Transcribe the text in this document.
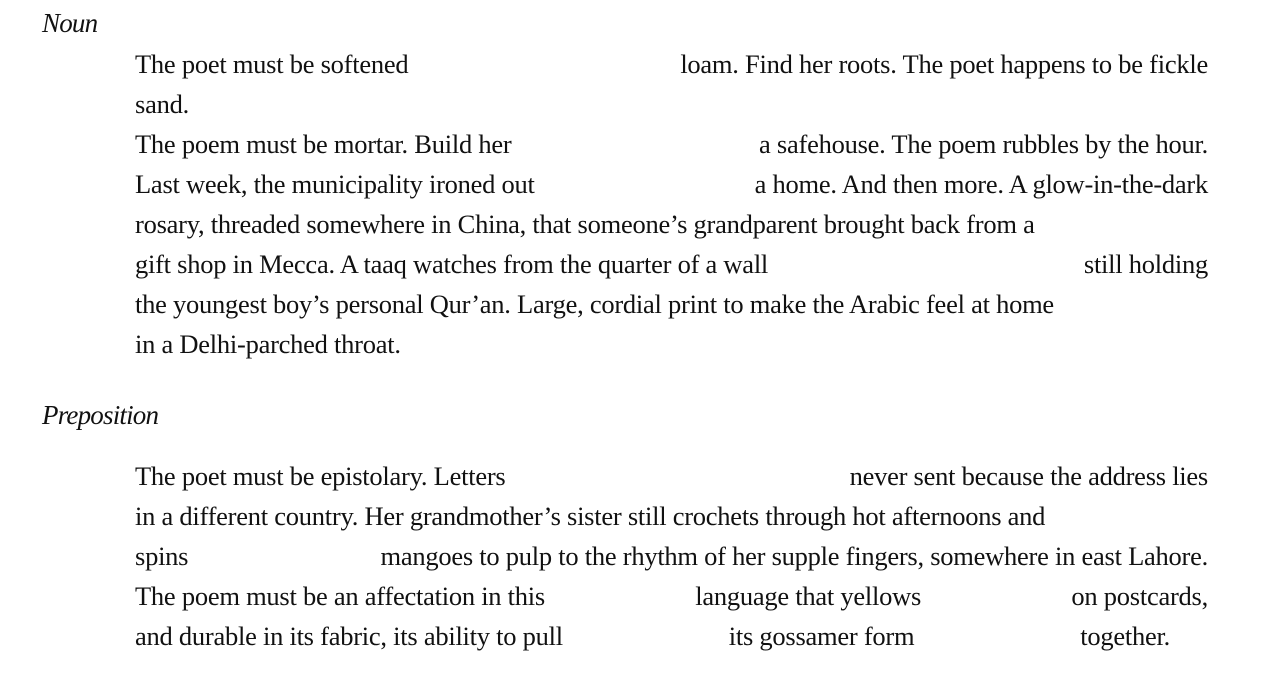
Noun
The poet must be softened	loam. Find her roots. The poet happens to be fickle
sand.
The poem must be mortar. Build her	a safehouse. The poem rubbles by the hour.
Last week, the municipality ironed out	a home. And then more. A glow-in-the-dark
rosary, threaded somewhere in China, that someone’s grandparent brought back from a
gift shop in Mecca. A taaq watches from the quarter of a wall	still holding
the youngest boy’s personal Qur’an. Large, cordial print to make the Arabic feel at home
in a Delhi-parched throat.
Preposition
The poet must be epistolary. Letters	never sent because the address lies
in a different country. Her grandmother’s sister still crochets through hot afternoons and
spins	mangoes to pulp to the rhythm of her supple fingers, somewhere in east Lahore.
The poem must be an affectation in this	language that yellows	on postcards,
and durable in its fabric, its ability to pull	its gossamer form	together.
